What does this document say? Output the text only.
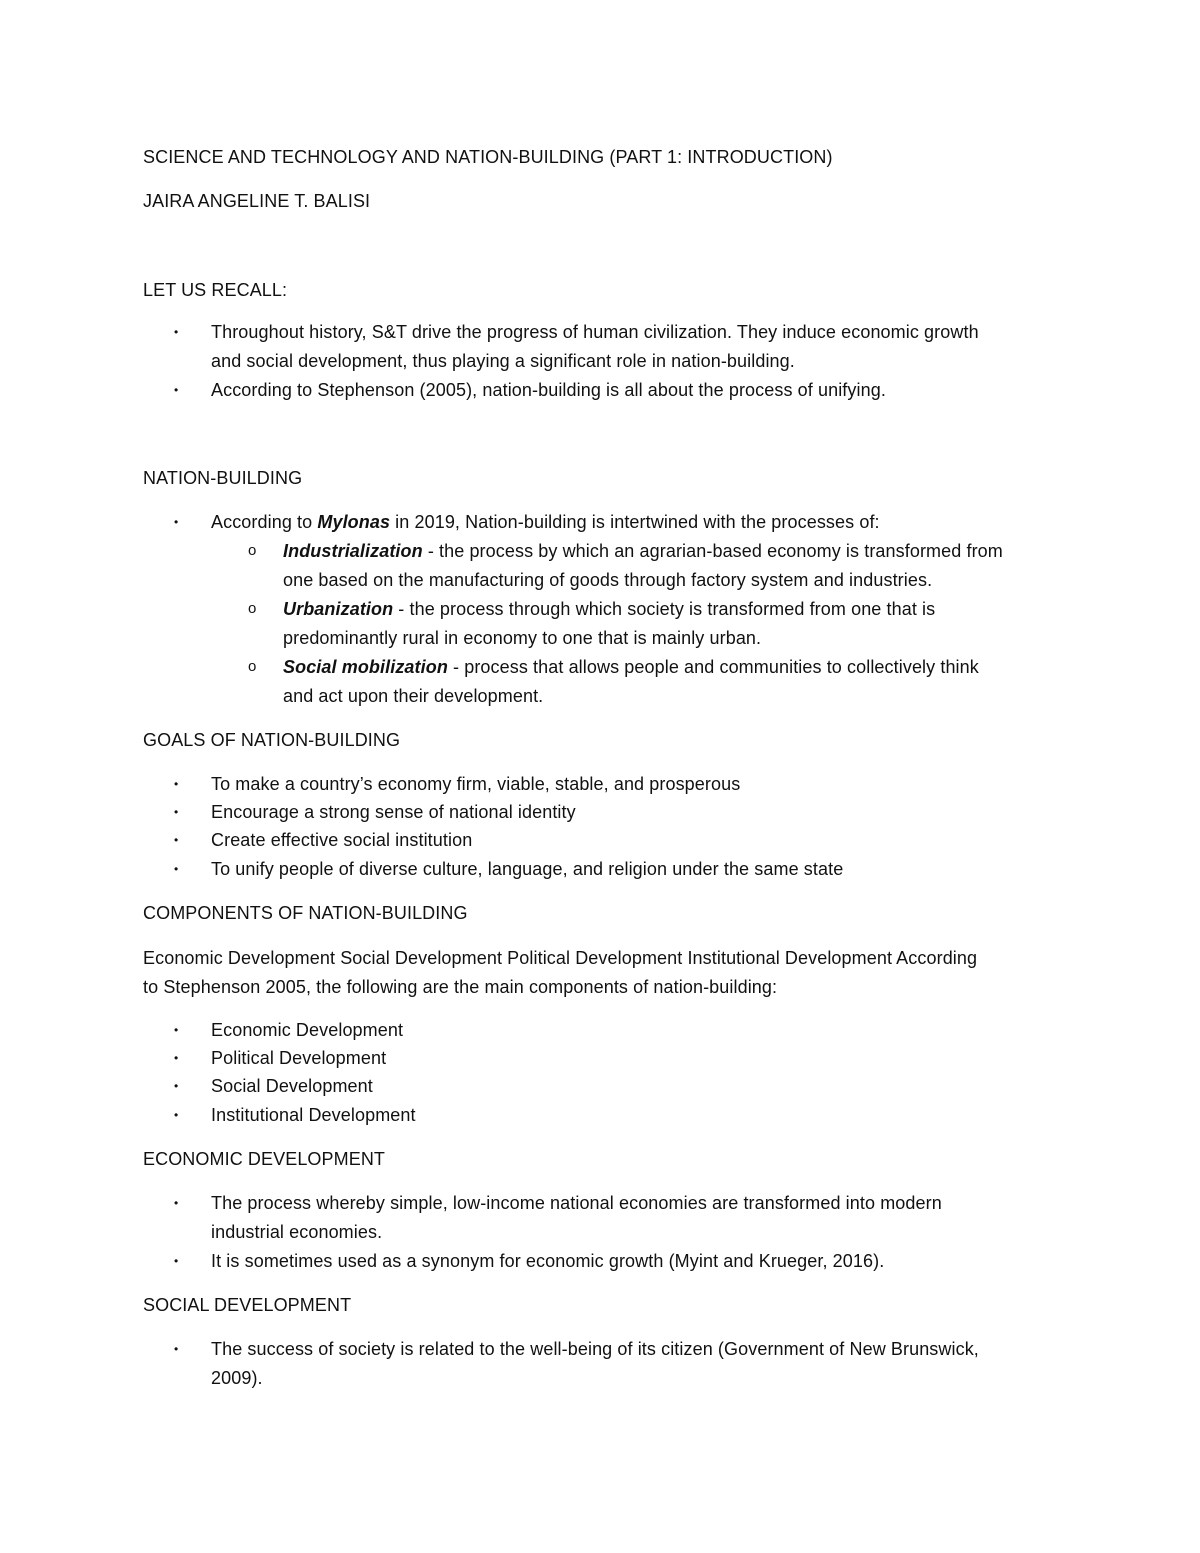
SCIENCE AND TECHNOLOGY AND NATION-BUILDING (PART 1: INTRODUCTION)
JAIRA ANGELINE T. BALISI
LET US RECALL:
• Throughout history, S&T drive the progress of human civilization. They induce economic growth
and social development, thus playing a significant role in nation-building.
• According to Stephenson (2005), nation-building is all about the process of unifying.
NATION-BUILDING
• According to Mylonas in 2019, Nation-building is intertwined with the processes of:
o Industrialization - the process by which an agrarian-based economy is transformed from
one based on the manufacturing of goods through factory system and industries.
o Urbanization - the process through which society is transformed from one that is
predominantly rural in economy to one that is mainly urban.
o Social mobilization - process that allows people and communities to collectively think
and act upon their development.
GOALS OF NATION-BUILDING
• To make a country’s economy firm, viable, stable, and prosperous
• Encourage a strong sense of national identity
• Create effective social institution
• To unify people of diverse culture, language, and religion under the same state
COMPONENTS OF NATION-BUILDING
Economic Development Social Development Political Development Institutional Development According
to Stephenson 2005, the following are the main components of nation-building:
• Economic Development
• Political Development
• Social Development
• Institutional Development
ECONOMIC DEVELOPMENT
• The process whereby simple, low-income national economies are transformed into modern
industrial economies.
• It is sometimes used as a synonym for economic growth (Myint and Krueger, 2016).
SOCIAL DEVELOPMENT
• The success of society is related to the well-being of its citizen (Government of New Brunswick,
2009).
